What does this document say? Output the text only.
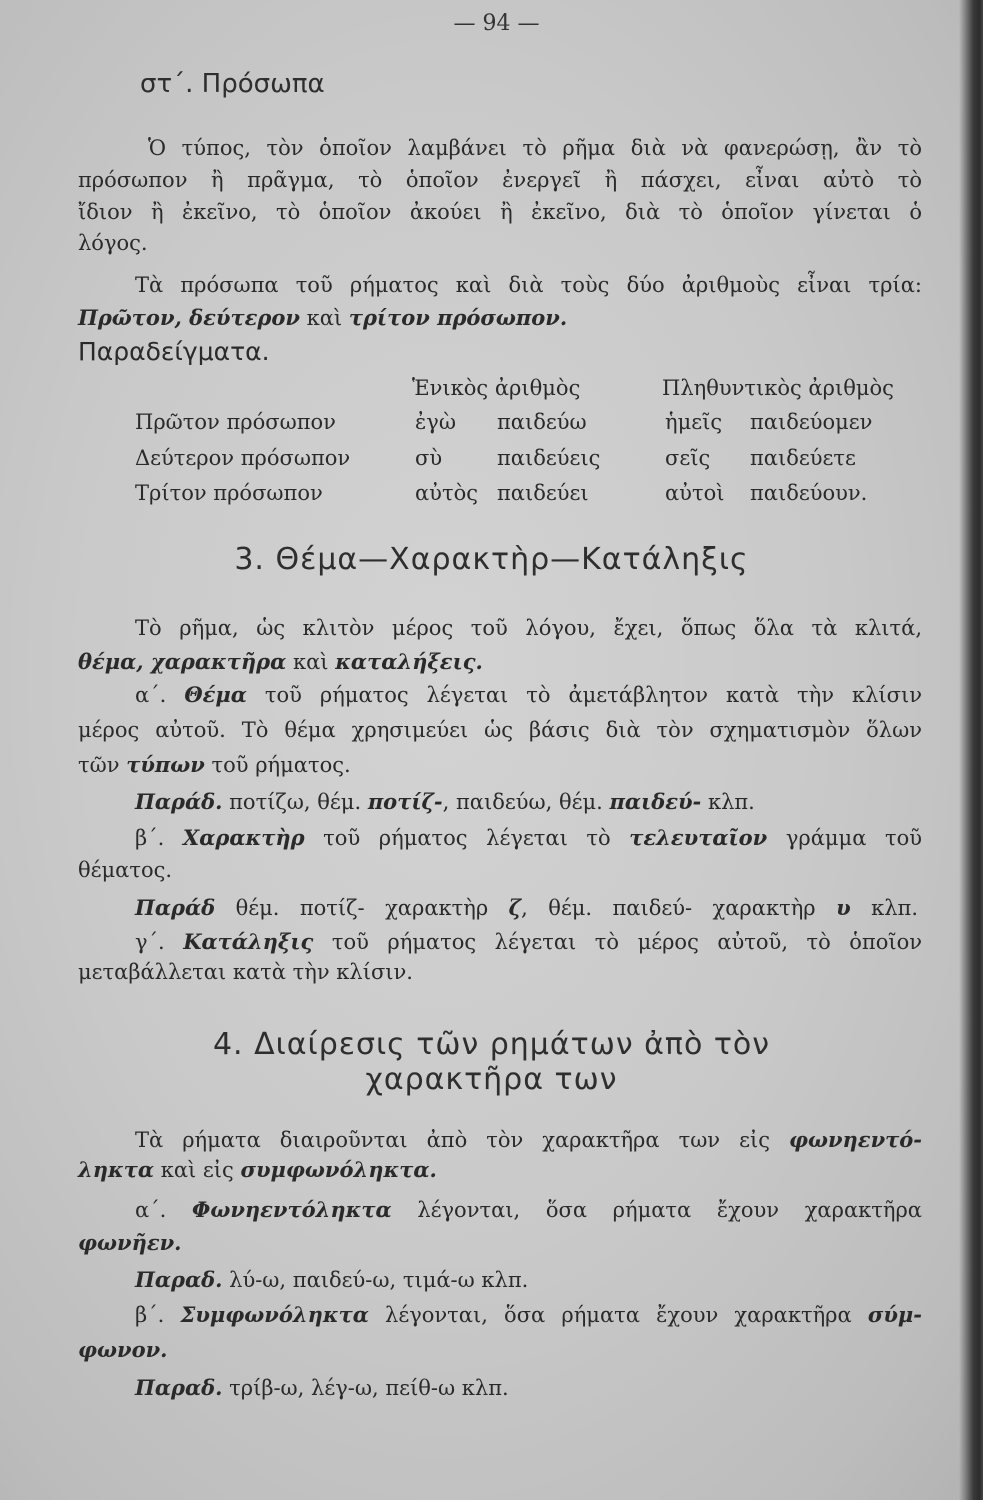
— 94 —
στ΄. Πρόσωπα
Ὁ τύπος, τὸν ὁποῖον λαμβάνει τὸ ρῆμα διὰ νὰ φανερώσῃ, ἂν τὸ
πρόσωπον ἢ πρᾶγμα, τὸ ὁποῖον ἐνεργεῖ ἢ πάσχει, εἶναι αὐτὸ τὸ
ἴδιον ἢ ἐκεῖνο, τὸ ὁποῖον ἀκούει ἢ ἐκεῖνο, διὰ τὸ ὁποῖον γίνεται ὁ
λόγος.
Τὰ πρόσωπα τοῦ ρήματος καὶ διὰ τοὺς δύο ἀριθμοὺς εἶναι τρία:
Πρῶτον, δεύτερον καὶ τρίτον πρόσωπον.
Παραδείγματα.
Ἑνικὸς ἀριθμὸς	Πληθυντικὸς ἀριθμὸς
Πρῶτον πρόσωπον	ἐγὼ παιδεύω	ἡμεῖς παιδεύομεν
Δεύτερον πρόσωπον	σὺ	παιδεύεις	σεῖς παιδεύετε
Τρίτον πρόσωπον	αὐτὸς παιδεύει	αὐτοὶ παιδεύουν.
3. Θέμα—Χαρακτὴρ—Κατάληξις
Τὸ ρῆμα, ὡς κλιτὸν μέρος τοῦ λόγου, ἔχει, ὅπως ὅλα τὰ κλιτά,
θέμα, χαρακτῆρα καὶ καταλήξεις.
α΄. Θέμα τοῦ ρήματος λέγεται τὸ ἀμετάβλητον κατὰ τὴν κλίσιν
μέρος αὐτοῦ. Τὸ θέμα χρησιμεύει ὡς βάσις διὰ τὸν σχηματισμὸν ὅλων
τῶν τύπων τοῦ ρήματος.
Παράδ. ποτίζω, θέμ. ποτίζ-, παιδεύω, θέμ. παιδεύ- κλπ.
β΄. Χαρακτὴρ τοῦ ρήματος λέγεται τὸ τελευταῖον γράμμα τοῦ
θέματος.
Παράδ θέμ. ποτίζ- χαρακτὴρ ζ, θέμ. παιδεύ- χαρακτὴρ υ κλπ.
γ΄. Κατάληξις τοῦ ρήματος λέγεται τὸ μέρος αὐτοῦ, τὸ ὁποῖον
μεταβάλλεται κατὰ τὴν κλίσιν.
4. Διαίρεσις τῶν ρημάτων ἀπὸ τὸν
χαρακτῆρα των
Τὰ ρήματα διαιροῦνται ἀπὸ τὸν χαρακτῆρα των εἰς φωνηεντό-
ληκτα καὶ εἰς συμφωνόληκτα.
α΄. Φωνηεντόληκτα λέγονται, ὅσα ρήματα ἔχουν χαρακτῆρα
φωνῆεν.
Παραδ. λύ-ω, παιδεύ-ω, τιμά-ω κλπ.
β΄. Συμφωνόληκτα λέγονται, ὅσα ρήματα ἔχουν χαρακτῆρα σύμ-
φωνον.
Παραδ. τρίβ-ω, λέγ-ω, πείθ-ω κλπ.
